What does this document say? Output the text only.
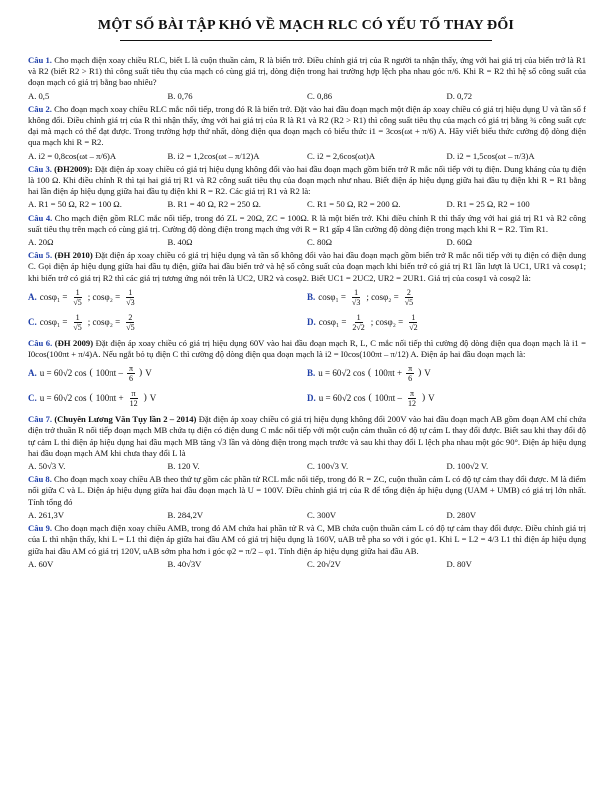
MỘT SỐ BÀI TẬP KHÓ VỀ MẠCH RLC CÓ YẾU TỐ THAY ĐỔI

Câu 1. Cho mạch điện xoay chiều RLC, biết L là cuộn thuần cảm, R là biến trở. Điều chỉnh giá trị của R người ta nhận thấy, ứng với hai giá trị của biến trở là R1 và R2 (biết R2 > R1) thì công suất tiêu thụ của mạch có cùng giá trị, dòng điện trong hai trường hợp lệch pha nhau góc π/6. Khi R = R2 thì hệ số công suất của đoạn mạch có giá trị bằng bao nhiêu?

A. 0,5	B. 0,76	C. 0,86	D. 0,72

Câu 2. Cho đoạn mạch xoay chiều RLC mắc nối tiếp, trong đó R là biến trở. Đặt vào hai đầu đoạn mạch một điện áp xoay chiều có giá trị hiệu dụng U và tần số f không đổi. Điều chỉnh giá trị của R thì nhận thấy, ứng với hai giá trị của R là R1 và R2 (R2 > R1) thì công suất tiêu thụ của mạch có giá trị bằng ¾ công suất cực đại mà mạch có thể đạt được. Trong trường hợp thứ nhất, dòng điện qua đoạn mạch có biểu thức i1 = 3cos(ωt + π/6) A. Hãy viết biểu thức cường độ dòng điện qua mạch khi R = R2.

A. i2 = 0,8cos(ωt – π/6)A	B. i2 = 1,2cos(ωt – π/12)A	C. i2 = 2,6cos(ωt)A	D. i2 = 1,5cos(ωt – π/3)A

Câu 3. (ĐH2009): Đặt điện áp xoay chiều có giá trị hiệu dụng không đổi vào hai đầu đoạn mạch gồm biến trở R mắc nối tiếp với tụ điện. Dung kháng của tụ điện là 100 Ω. Khi điều chỉnh R thì tại hai giá trị R1 và R2 công suất tiêu thụ của đoạn mạch như nhau. Biết điện áp hiệu dụng giữa hai đầu tụ điện khi R = R1 bằng hai lần điện áp hiệu dụng giữa hai đầu tụ điện khi R = R2. Các giá trị R1 và R2 là:

A. R1 = 50 Ω, R2 = 100 Ω.	B. R1 = 40 Ω, R2 = 250 Ω.	C. R1 = 50 Ω, R2 = 200 Ω.	D. R1 = 25 Ω, R2 = 100

Câu 4. Cho mạch điện gồm RLC mắc nối tiếp, trong đó ZL = 20Ω, ZC = 100Ω. R là một biến trở. Khi điều chỉnh R thì thấy ứng với hai giá trị R1 và R2 công suất tiêu thụ trên mạch có cùng giá trị. Cường độ dòng điện trong mạch ứng với R = R1 gấp 4 lần cường độ dòng điện trong mạch khi R = R2. Tìm R1.

A. 20Ω	B. 40Ω	C. 80Ω	D. 60Ω

Câu 5. (ĐH 2010) Đặt điện áp xoay chiều có giá trị hiệu dụng và tần số không đổi vào hai đầu đoạn mạch gồm biến trở R mắc nối tiếp với tụ điện có điện dung C. Gọi điện áp hiệu dụng giữa hai đầu tụ điện, giữa hai đầu biến trở và hệ số công suất của đoạn mạch khi biến trở có giá trị R1 lần lượt là UC1, UR1 và cosφ1; khi biến trở có giá trị R2 thì các giá trị tương ứng nói trên là UC2, UR2 và cosφ2. Biết UC1 = 2UC2, UR2 = 2UR1. Giá trị của cosφ1 và cosφ2 là:

A. $\cos\varphi_1 = \frac{1}{√5}$ ; $\cos\varphi_2 = \frac{1}{√3}$	B. $\cos\varphi_1 = \frac{1}{√3}$ ; $\cos\varphi_2 = \frac{2}{√5}$
C. $\cos\varphi_1 = \frac{1}{√5}$ ; $\cos\varphi_2 = \frac{2}{√5}$	D. $\cos\varphi_1 = \frac{1}{2√2}$ ; $\cos\varphi_2 = \frac{1}{√2}$

Câu 6. (ĐH 2009) Đặt điện áp xoay chiều có giá trị hiệu dụng 60V vào hai đầu đoạn mạch R, L, C mắc nối tiếp thì cường độ dòng điện qua đoạn mạch là i1 = I0cos(100πt + π/4)A. Nếu ngắt bỏ tụ điện C thì cường độ dòng điện qua đoạn mạch là i2 = I0cos(100πt – π/12) A. Điện áp hai đầu đoạn mạch là:

A. u = 60√2 cos ( $100\pi t - \frac{\pi}{6}$ ) V	B. u = 60√2 cos ( $100\pi t + \frac{\pi}{6}$ ) V
C. u = 60√2 cos ( $100\pi t + \frac{\pi}{12}$ ) V	D. u = 60√2 cos ( $100\pi t - \frac{\pi}{12}$ ) V

Câu 7. (Chuyên Lương Văn Tụy lần 2 – 2014) Đặt điện áp xoay chiều có giá trị hiệu dụng không đổi 200V vào hai đầu đoạn mạch AB gồm đoạn AM chỉ chứa điện trở thuần R nối tiếp đoạn mạch MB chứa tụ điện có điện dung C mắc nối tiếp với một cuộn cảm thuần có độ tự cảm L thay đổi được. Biết sau khi thay đổi độ tự cảm L thì điện áp hiệu dụng hai đầu mạch MB tăng √3 lần và dòng điện trong mạch trước và sau khi thay đổi L lệch pha nhau một góc 90°. Điện áp hiệu dụng hai đầu đoạn mạch AM khi chưa thay đổi L là

A. 50√3 V.	B. 120 V.	C. 100√3 V.	D. 100√2 V.

Câu 8. Cho đoạn mạch xoay chiều AB theo thứ tự gồm các phần tử RCL mắc nối tiếp, trong đó R = ZC, cuộn thuần cảm L có độ tự cảm thay đổi được. M là điểm nối giữa C và L. Điện áp hiệu dụng giữa hai đầu đoạn mạch là U = 100V. Điều chỉnh giá trị của R để tổng điện áp hiệu dụng (UAM + UMB) có giá trị lớn nhất. Tính tổng đó

A. 261,3V	B. 284,2V	C. 300V	D. 280V

Câu 9. Cho đoạn mạch điện xoay chiều AMB, trong đó AM chứa hai phần tử R và C, MB chứa cuộn thuần cảm L có độ tự cảm thay đổi được. Điều chỉnh giá trị của L thì nhận thấy, khi L = L1 thì điện áp giữa hai đầu AM có giá trị hiệu dụng là 160V, uAB trễ pha so với i góc φ1. Khi L = L2 = 4/3 L1 thì điện áp hiệu dụng giữa hai đầu AM có giá trị 120V, uAB sớm pha hơn i góc φ2 = π/2 – φ1. Tính điện áp hiệu dụng giữa hai đầu AB.

A. 60V	B. 40√3V	C. 20√2V	D. 80V
